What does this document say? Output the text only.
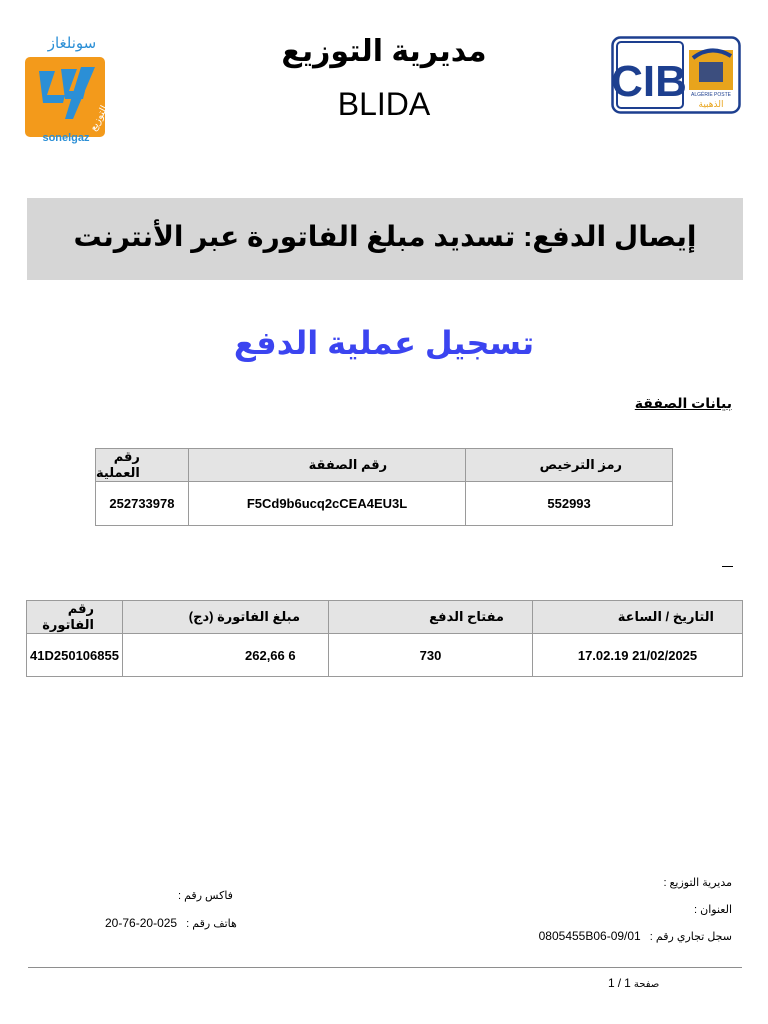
سونلغاز
التوزيع
sonelgaz
CIB ALGÉRIE POSTE
الذهبية
مديرية التوزيع
BLIDA
إيصال الدفع: تسديد مبلغ الفاتورة عبر الأنترنت
تسجيل عملية الدفع
بيانات الصفقة
رمز الترخيص	رقم الصفقة	رقم العملية
552993	F5Cd9b6ucq2cCEA4EU3L	252733978
التاريخ / الساعة	مفتاح الدفع	مبلغ الفاتورة (دج)	رقم الفاتورة
21/02/2025 17.02.19	730	6 262,66	41D250106855
مديرية التوزيع :
العنوان :
سجل تجاري رقم : 09/01-0805455B06
فاكس رقم :
هاتف رقم : 025-20-76-20
صفحة 1 / 1
